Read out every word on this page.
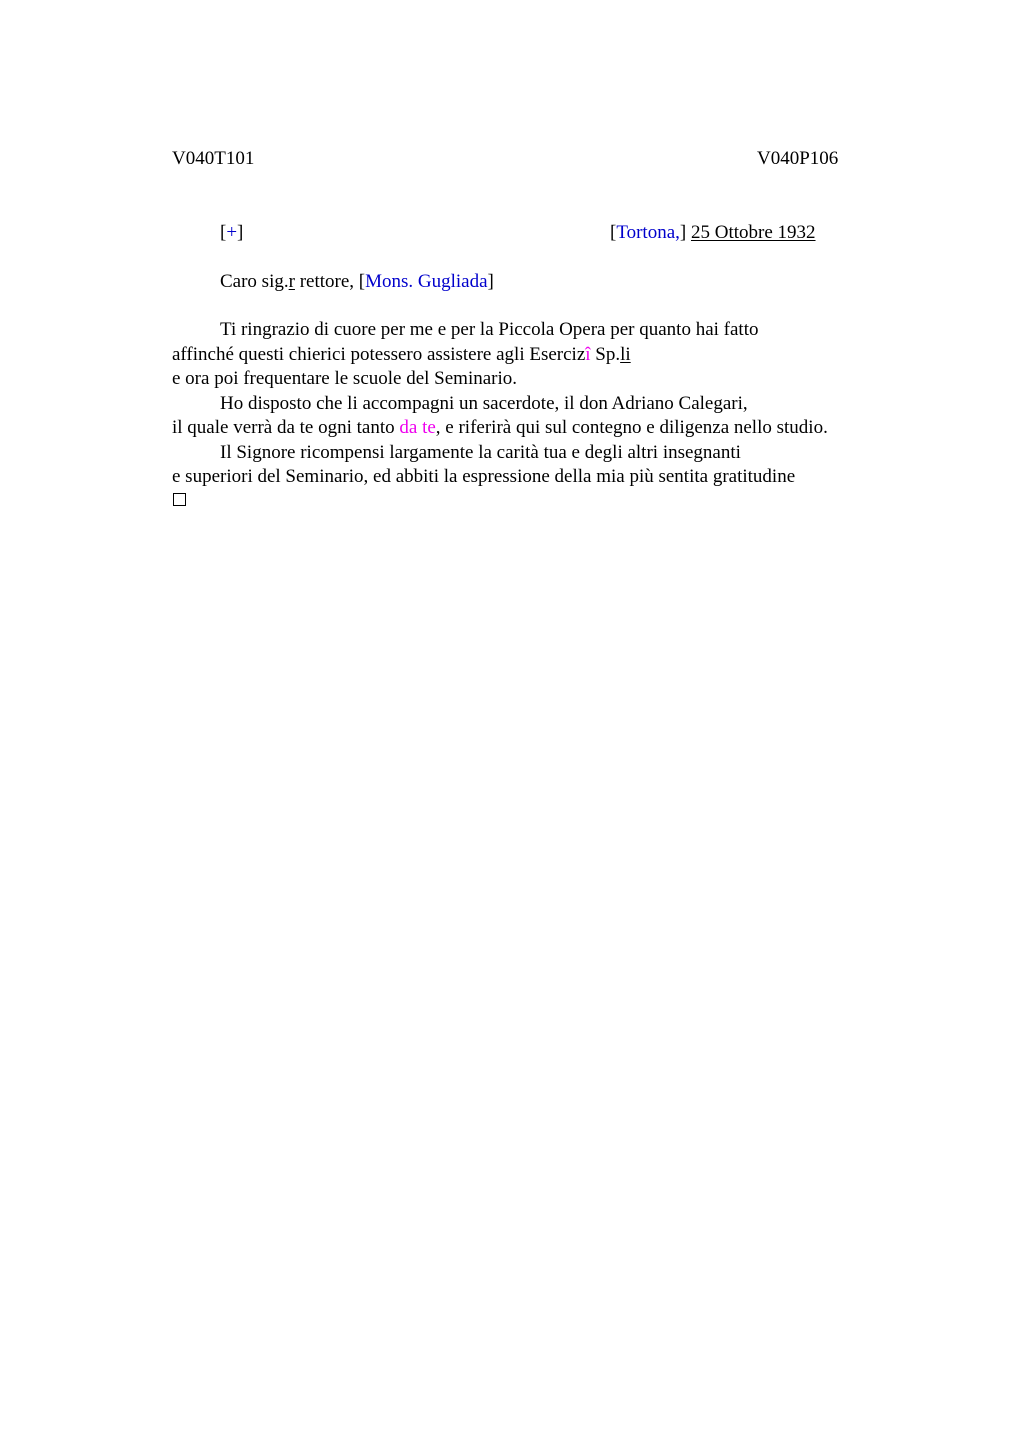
V040T101	V040P106
[+]	[Tortona,] 25 Ottobre 1932
Caro sig.r rettore, [Mons. Gugliada]
Ti ringrazio di cuore per me e per la Piccola Opera per quanto hai fatto
affinché questi chierici potessero assistere agli Esercizî Sp.li
e ora poi frequentare le scuole del Seminario.
Ho disposto che li accompagni un sacerdote, il don Adriano Calegari,
il quale verrà da te ogni tanto da te, e riferirà qui sul contegno e diligenza nello studio.
Il Signore ricompensi largamente la carità tua e degli altri insegnanti
e superiori del Seminario, ed abbiti la espressione della mia più sentita gratitudine
